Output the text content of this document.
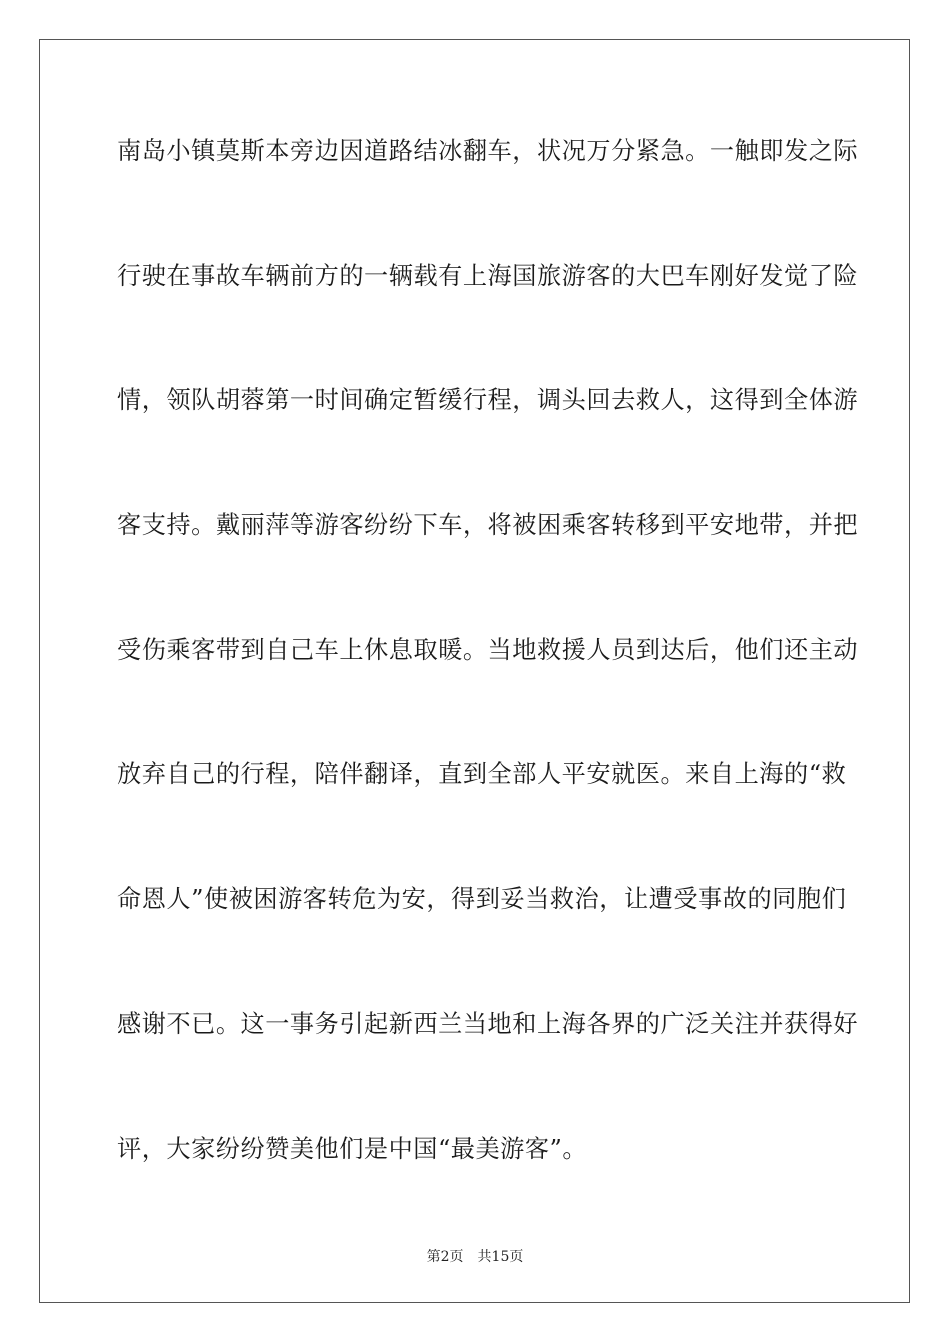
南 岛 小 镇 莫 斯 本 旁 边 因 道 路 结 冰 翻 车 ， 状 况 万 分 紧 急 。 一 触 即 发 之 际
行 驶 在 事 故 车 辆 前 方 的 一 辆 载 有 上 海 国 旅 游 客 的 大 巴 车 刚 好 发 觉 了 险
情 ， 领 队 胡 蓉 第 一 时 间 确 定 暂 缓 行 程 ， 调 头 回 去 救 人 ， 这 得 到 全 体 游
客 支 持 。 戴 丽 萍 等 游 客 纷 纷 下 车 ， 将 被 困 乘 客 转 移 到 平 安 地 带 ， 并 把
受 伤 乘 客 带 到 自 己 车 上 休 息 取 暖 。 当 地 救 援 人 员 到 达 后 ， 他 们 还 主 动
放 弃 自 己 的 行 程 ， 陪 伴 翻 译 ， 直 到 全 部 人 平 安 就 医 。 来 自 上 海 的 “ 救
命 恩 人 ” 使 被 困 游 客 转 危 为 安 ， 得 到 妥 当 救 治 ， 让 遭 受 事 故 的 同 胞 们
感 谢 不 已 。 这 一 事 务 引 起 新 西 兰 当 地 和 上 海 各 界 的 广 泛 关 注 并 获 得 好
评，大家纷纷赞美他们是中国“最美游客”。
第2页　共15页
